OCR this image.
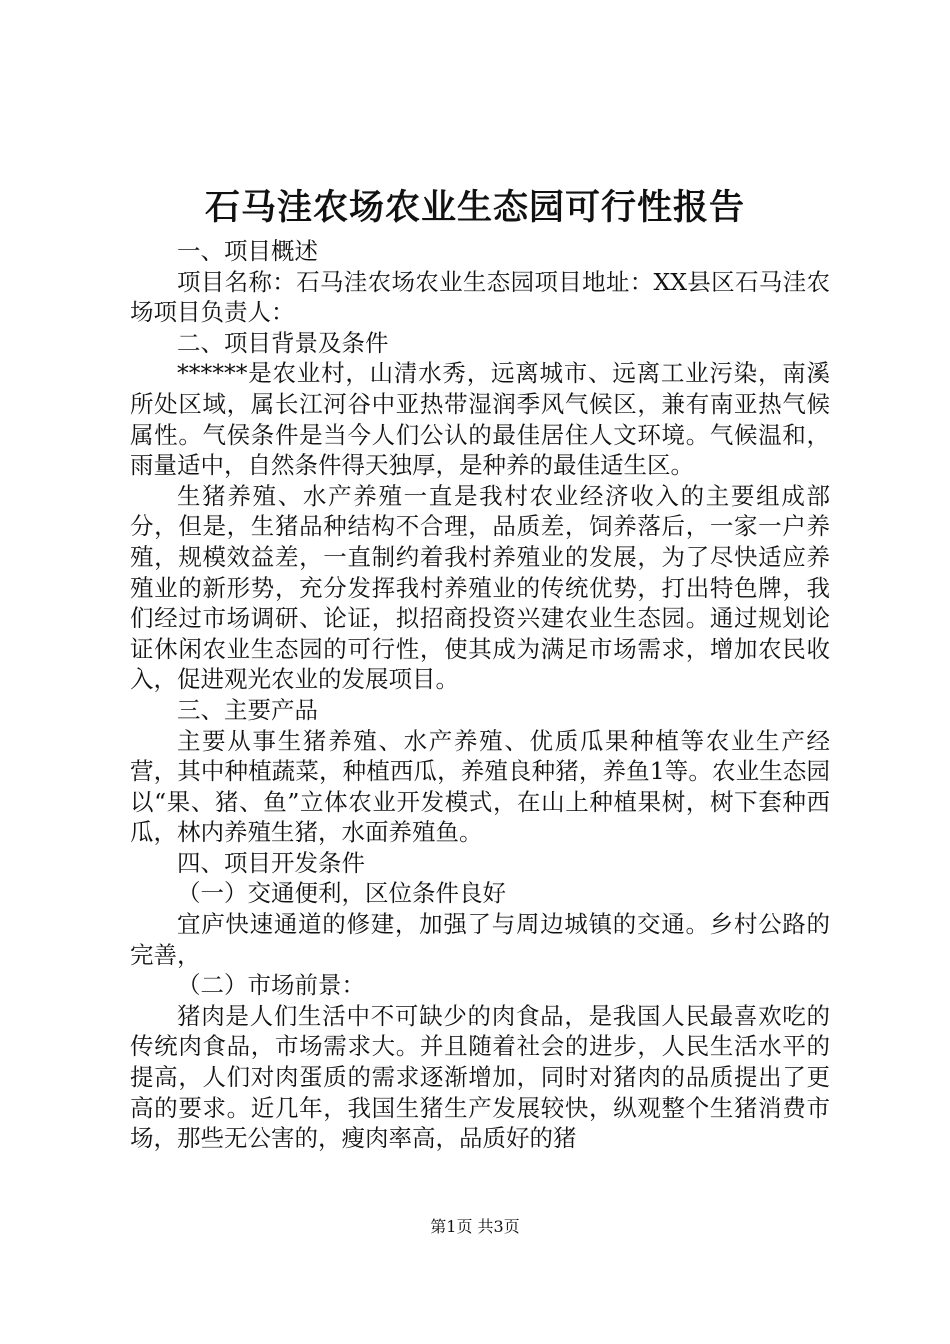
石马洼农场农业生态园可行性报告

一、项目概述

项目名称：石马洼农场农业生态园项目地址：XX县区石马洼农场项目负责人：

二、项目背景及条件

******是农业村，山清水秀，远离城市、远离工业污染，南溪所处区域，属长江河谷中亚热带湿润季风气候区，兼有南亚热气候属性。气侯条件是当今人们公认的最佳居住人文环境。气候温和，雨量适中，自然条件得天独厚，是种养的最佳适生区。

生猪养殖、水产养殖一直是我村农业经济收入的主要组成部分，但是，生猪品种结构不合理，品质差，饲养落后，一家一户养殖，规模效益差，一直制约着我村养殖业的发展，为了尽快适应养殖业的新形势，充分发挥我村养殖业的传统优势，打出特色牌，我们经过市场调研、论证，拟招商投资兴建农业生态园。通过规划论证休闲农业生态园的可行性，使其成为满足市场需求，增加农民收入，促进观光农业的发展项目。

三、主要产品

主要从事生猪养殖、水产养殖、优质瓜果种植等农业生产经营，其中种植蔬菜，种植西瓜，养殖良种猪，养鱼1等。农业生态园以“果、猪、鱼”立体农业开发模式，在山上种植果树，树下套种西瓜，林内养殖生猪，水面养殖鱼。

四、项目开发条件

（一）交通便利，区位条件良好

宜庐快速通道的修建，加强了与周边城镇的交通。乡村公路的完善，

（二）市场前景：

猪肉是人们生活中不可缺少的肉食品，是我国人民最喜欢吃的传统肉食品，市场需求大。并且随着社会的进步，人民生活水平的提高，人们对肉蛋质的需求逐渐增加，同时对猪肉的品质提出了更高的要求。近几年，我国生猪生产发展较快，纵观整个生猪消费市场，那些无公害的，瘦肉率高，品质好的猪

第1页 共3页
